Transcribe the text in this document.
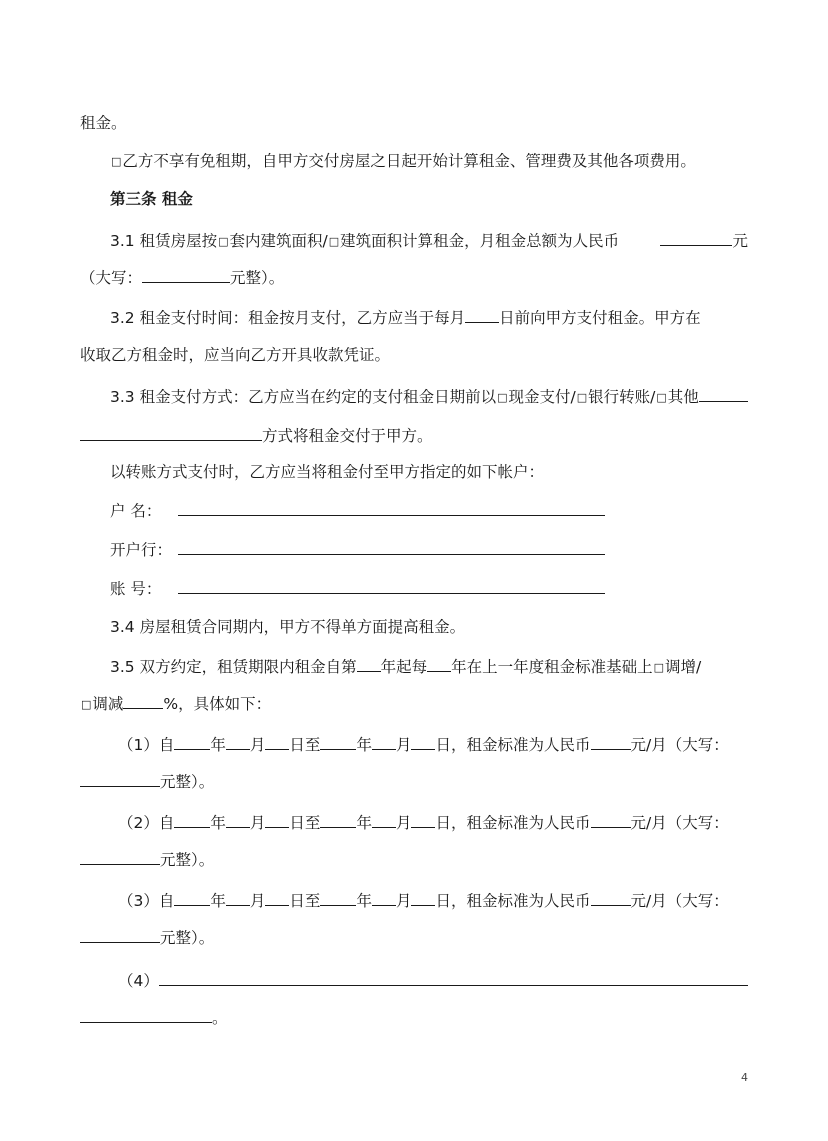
租金。
□乙方不享有免租期，自甲方交付房屋之日起开始计算租金、管理费及其他各项费用。
第三条 租金
3.1 租赁房屋按 □ 套内建筑面积/ □ 建筑面积计算租金，月租金总额为人民币	元
（大写：	元整）。
3.2 租金支付时间：租金按月支付，乙方应当于每月 日前向甲方支付租金。甲方在
收取乙方租金时，应当向乙方开具收款凭证。
3.3 租金支付方式：乙方应当在约定的支付租金日期前以 □ 现金支付/ □ 银行转账/ □ 其他
方式将租金交付于甲方。
以转账方式支付时，乙方应当将租金付至甲方指定的如下帐户：
户 名：
开户行：
账 号：
3.4 房屋租赁合同期内，甲方不得单方面提高租金。
3.5 双方约定，租赁期限内租金自第 年起每 年在上一年度租金标准基础上 □ 调增/
□ 调减	%，具体如下：
（1） 自 年 月 日至 年 月 日 ，租金标准为人民币	元/月（大写：
元整）。
（2） 自 年 月 日至 年 月 日 ，租金标准为人民币	元/月（大写：
元整）。
（3） 自 年 月 日至 年 月 日 ，租金标准为人民币	元/月（大写：
元整）。
（4）
。
4
